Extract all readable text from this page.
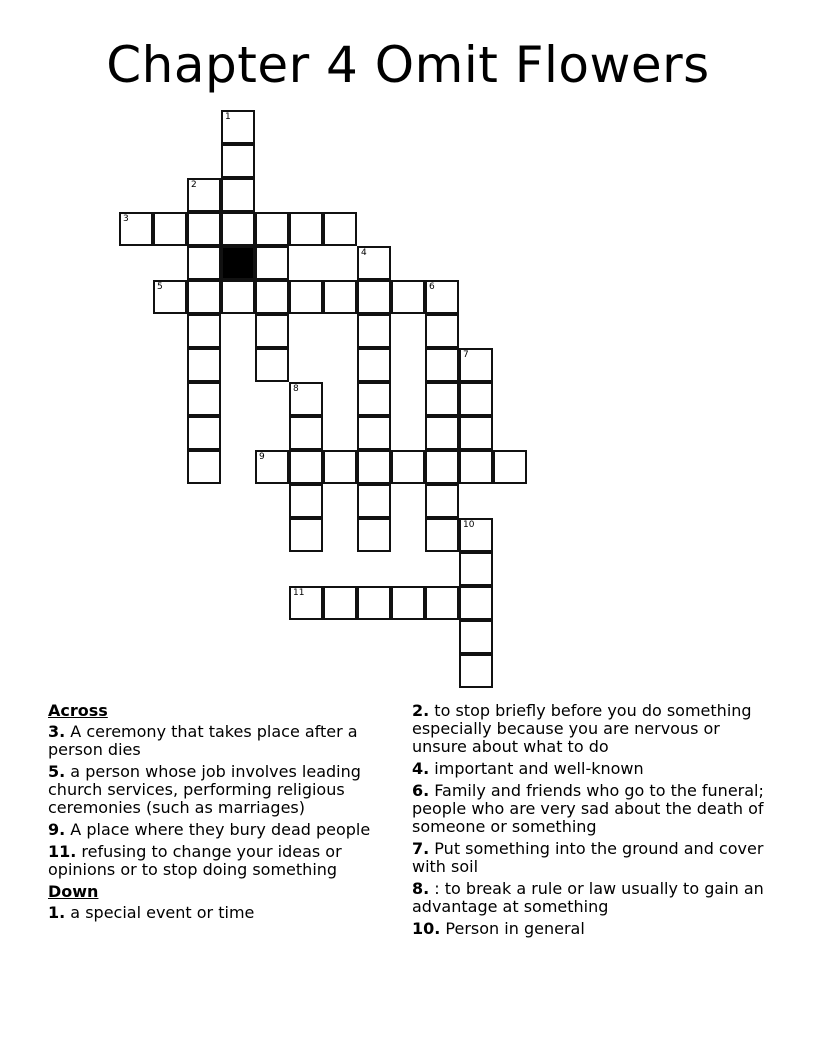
Chapter 4 Omit Flowers
1
2
3
4
5	6
7
8
9
10
11
Across
3. A ceremony that takes place after a person dies
5. a person whose job involves leading church services, performing religious ceremonies (such as marriages)
9. A place where they bury dead people
11. refusing to change your ideas or opinions or to stop doing something
Down
1. a special event or time
2. to stop briefly before you do something especially because you are nervous or unsure about what to do
4. important and well-known
6. Family and friends who go to the funeral; people who are very sad about the death of someone or something
7. Put something into the ground and cover with soil
8. : to break a rule or law usually to gain an advantage at something
10. Person in general
